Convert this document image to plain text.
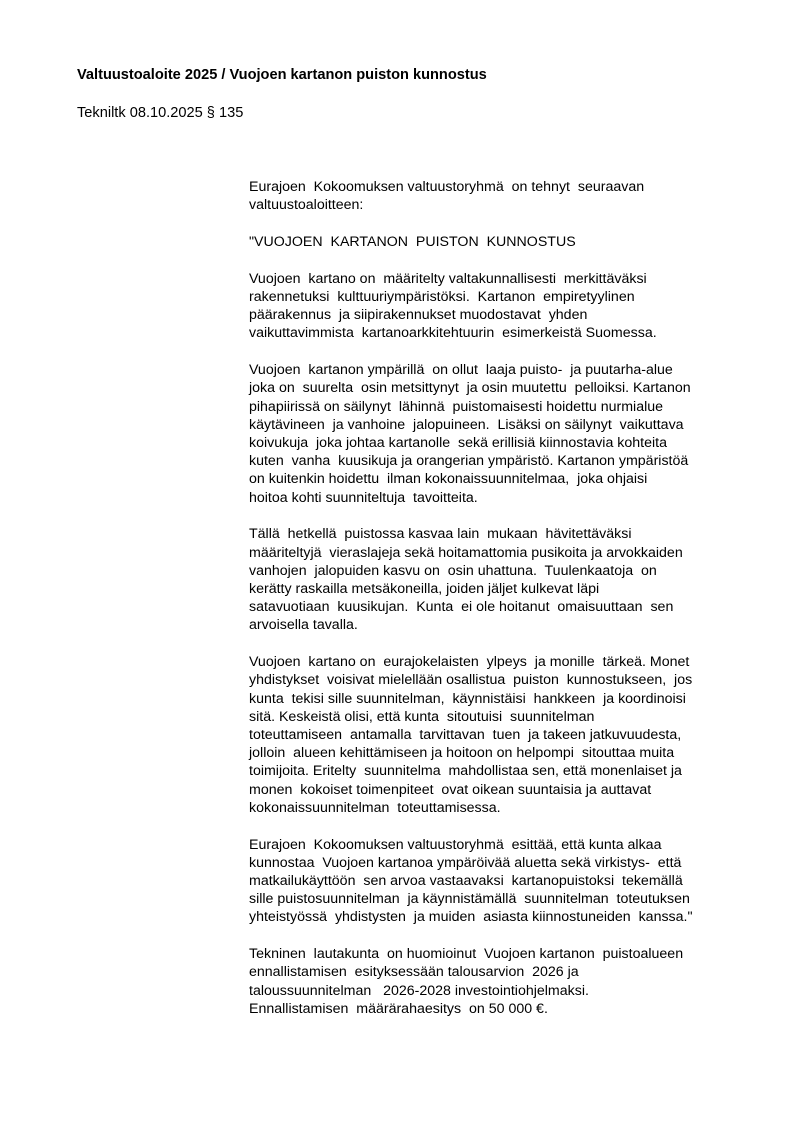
Valtuustoaloite 2025 / Vuojoen kartanon puiston kunnostus
Tekniltk 08.10.2025 § 135

Eurajoen  Kokoomuksen valtuustoryhmä  on tehnyt  seuraavan
valtuustoaloitteen:

"VUOJOEN  KARTANON  PUISTON  KUNNOSTUS

Vuojoen  kartano on  määritelty valtakunnallisesti  merkittäväksi
rakennetuksi  kulttuuriympäristöksi.  Kartanon  empiretyylinen
päärakennus  ja siipirakennukset muodostavat  yhden
vaikuttavimmista  kartanoarkkitehtuurin  esimerkeistä Suomessa.

Vuojoen  kartanon ympärillä  on ollut  laaja puisto-  ja puutarha-alue
joka on  suurelta  osin metsittynyt  ja osin muutettu  pelloiksi. Kartanon
pihapiirissä on säilynyt  lähinnä  puistomaisesti hoidettu nurmialue
käytävineen  ja vanhoine  jalopuineen.  Lisäksi on säilynyt  vaikuttava
koivukuja  joka johtaa kartanolle  sekä erillisiä kiinnostavia kohteita
kuten  vanha  kuusikuja ja orangerian ympäristö. Kartanon ympäristöä
on kuitenkin hoidettu  ilman kokonaissuunnitelmaa,  joka ohjaisi
hoitoa kohti suunniteltuja  tavoitteita.

Tällä  hetkellä  puistossa kasvaa lain  mukaan  hävitettäväksi
määriteltyjä  vieraslajeja sekä hoitamattomia pusikoita ja arvokkaiden
vanhojen  jalopuiden kasvu on  osin uhattuna.  Tuulenkaatoja  on
kerätty raskailla metsäkoneilla, joiden jäljet kulkevat läpi
satavuotiaan  kuusikujan.  Kunta  ei ole hoitanut  omaisuuttaan  sen
arvoisella tavalla.

Vuojoen  kartano on  eurajokelaisten  ylpeys  ja monille  tärkeä. Monet
yhdistykset  voisivat mielellään osallistua  puiston  kunnostukseen,  jos
kunta  tekisi sille suunnitelman,  käynnistäisi  hankkeen  ja koordinoisi
sitä. Keskeistä olisi, että kunta  sitoutuisi  suunnitelman
toteuttamiseen  antamalla  tarvittavan  tuen  ja takeen jatkuvuudesta,
jolloin  alueen kehittämiseen ja hoitoon on helpompi  sitouttaa muita
toimijoita. Eritelty  suunnitelma  mahdollistaa sen, että monenlaiset ja
monen  kokoiset toimenpiteet  ovat oikean suuntaisia ja auttavat
kokonaissuunnitelman  toteuttamisessa.

Eurajoen  Kokoomuksen valtuustoryhmä  esittää, että kunta alkaa
kunnostaa  Vuojoen kartanoa ympäröivää aluetta sekä virkistys-  että
matkailukäyttöön  sen arvoa vastaavaksi  kartanopuistoksi  tekemällä
sille puistosuunnitelman  ja käynnistämällä  suunnitelman  toteutuksen
yhteistyössä  yhdistysten  ja muiden  asiasta kiinnostuneiden  kanssa."

Tekninen  lautakunta  on huomioinut  Vuojoen kartanon  puistoalueen
ennallistamisen  esityksessään talousarvion  2026 ja
taloussuunnitelman   2026-2028 investointiohjelmaksi.
Ennallistamisen  määrärahaesitys  on 50 000 €.
